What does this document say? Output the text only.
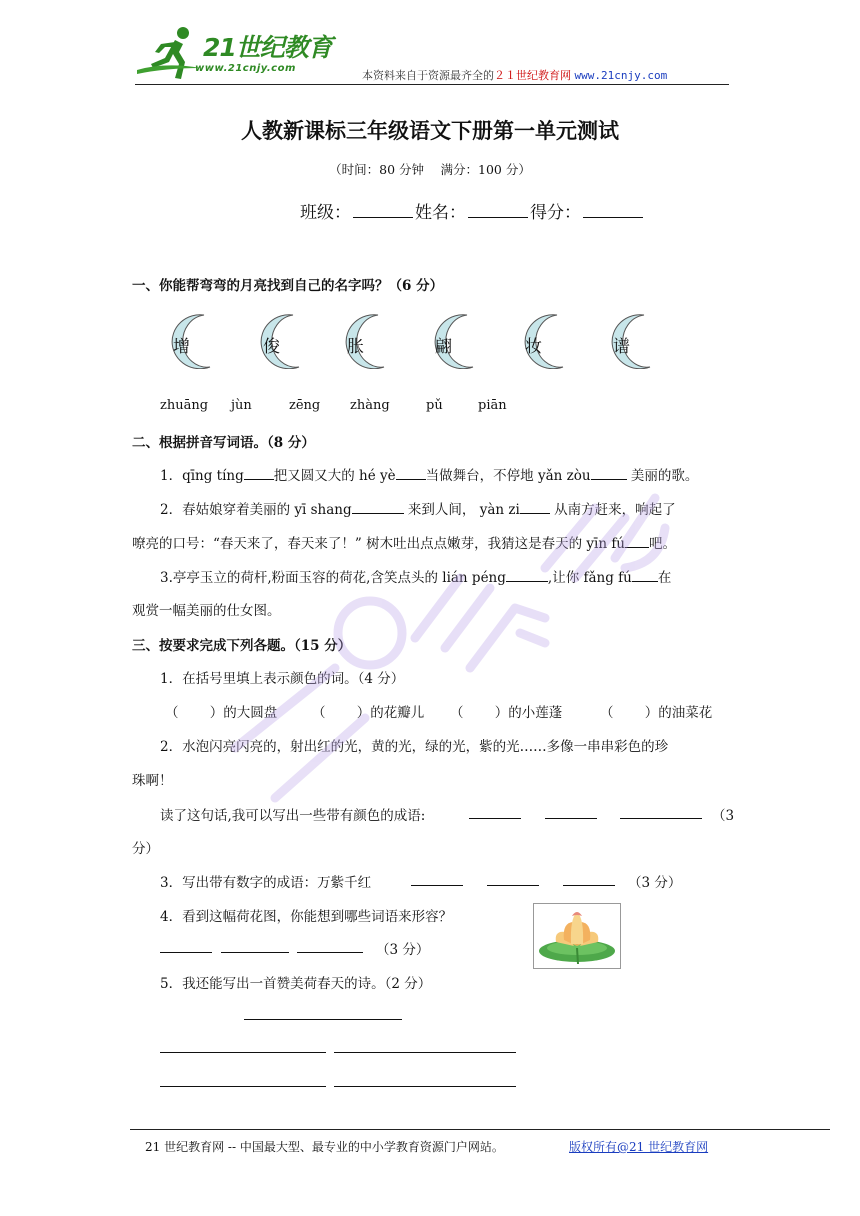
21世纪教育
www.21cnjy.com
本资料来自于资源最齐全的２１世纪教育网 www.21cnjy.com
人教新课标三年级语文下册第一单元测试
（时间：80 分钟　 满分：100 分）
班级：	姓名：	得分：
一、你能帮弯弯的月亮找到自己的名字吗？（6 分）
增	俊	胀	翩	妆	谱
zhuāng jùn	zēng zhàng	pǔ	piān
二、根据拼音写词语。（8 分）
1．qīng tíng 把又圆又大的 hé yè 当做舞台，不停地 yǎn zòu	美丽的歌。
2．春姑娘穿着美丽的 yī shang	来到人间， yàn zi 从南方赶来，响起了
嘹亮的口号：“春天来了，春天来了！” 树木吐出点点嫩芽，我猜这是春天的 yīn fú 吧。
3.亭亭玉立的荷杆,粉面玉容的荷花,含笑点头的 lián péng	,让你 fǎng fú 在
观赏一幅美丽的仕女图。
三、按要求完成下列各题。（15 分）
1．在括号里填上表示颜色的词。（4 分）
（　　 ）的大圆盘	（　　 ）的花瓣儿 （　　 ）的小莲蓬	（　　 ）的油菜花
2．水泡闪亮闪亮的，射出红的光，黄的光，绿的光，紫的光……多像一串串彩色的珍
珠啊！
读了这句话,我可以写出一些带有颜色的成语:	（3
分）
3．写出带有数字的成语：万紫千红	（3 分）
4．看到这幅荷花图，你能想到哪些词语来形容？
（3 分）
5．我还能写出一首赞美荷春天的诗。（2 分）
21 世纪教育网 -- 中国最大型、最专业的中小学教育资源门户网站。	版权所有@21 世纪教育网
